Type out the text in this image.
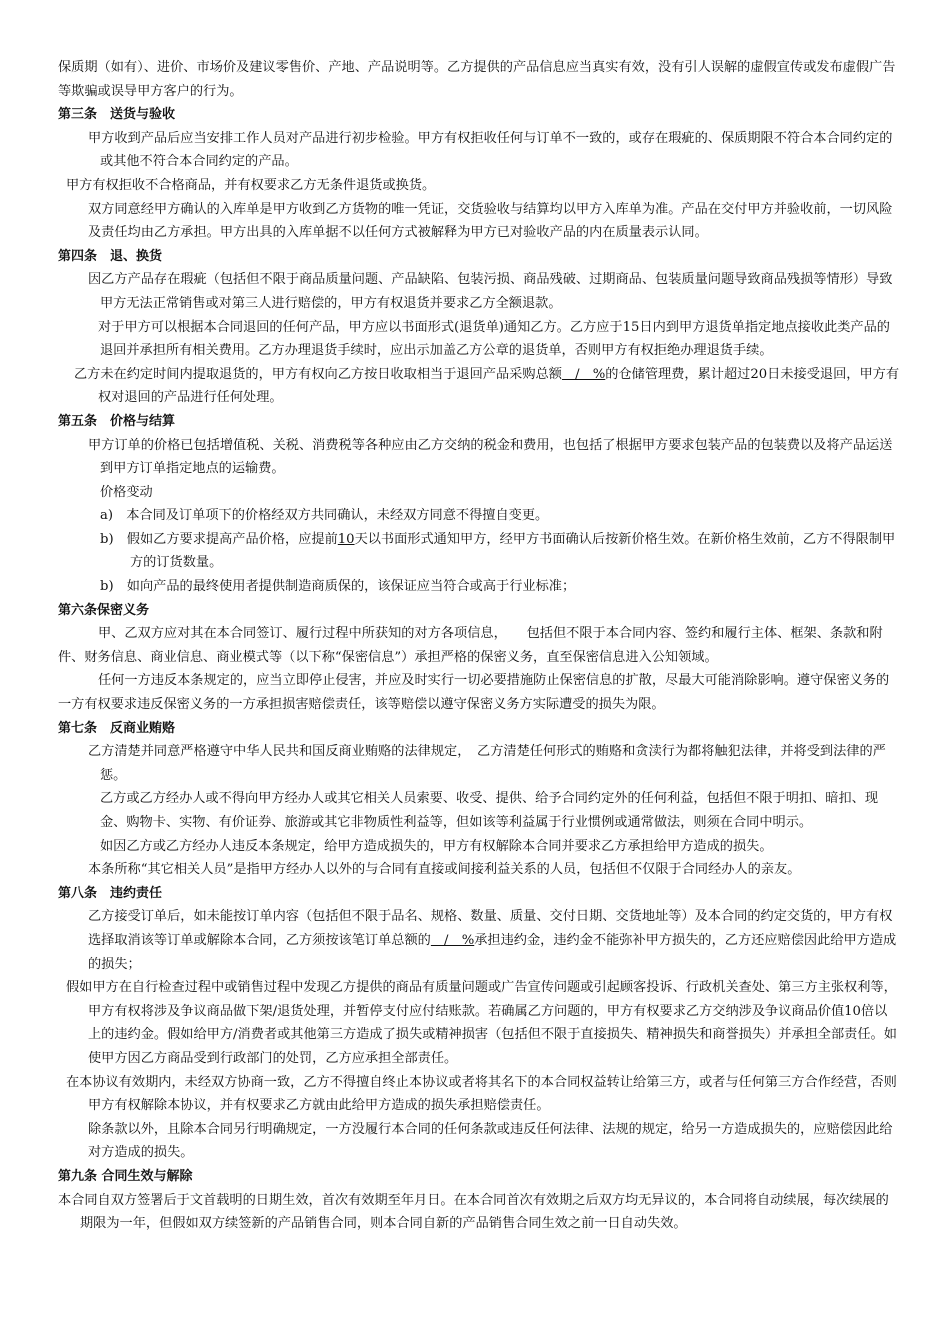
保质期（如有）、进价、市场价及建议零售价、产地、产品说明等。乙方提供的产品信息应当真实有效，没有引人误解的虚假宣传或发布虚假广告等欺骗或误导甲方客户的行为。

第三条　送货与验收

甲方收到产品后应当安排工作人员对产品进行初步检验。甲方有权拒收任何与订单不一致的，或存在瑕疵的、保质期限不符合本合同约定的或其他不符合本合同约定的产品。

甲方有权拒收不合格商品，并有权要求乙方无条件退货或换货。

双方同意经甲方确认的入库单是甲方收到乙方货物的唯一凭证，交货验收与结算均以甲方入库单为准。产品在交付甲方并验收前，一切风险及责任均由乙方承担。甲方出具的入库单据不以任何方式被解释为甲方已对验收产品的内在质量表示认同。

第四条　退、换货

因乙方产品存在瑕疵（包括但不限于商品质量问题、产品缺陷、包装污损、商品残破、过期商品、包装质量问题导致商品残损等情形）导致甲方无法正常销售或对第三人进行赔偿的，甲方有权退货并要求乙方全额退款。

对于甲方可以根据本合同退回的任何产品，甲方应以书面形式(退货单)通知乙方。乙方应于15日内到甲方退货单指定地点接收此类产品的退回并承担所有相关费用。乙方办理退货手续时，应出示加盖乙方公章的退货单，否则甲方有权拒绝办理退货手续。

乙方未在约定时间内提取退货的，甲方有权向乙方按日收取相当于退回产品采购总额　/　%的仓储管理费，累计超过20日未接受退回，甲方有权对退回的产品进行任何处理。

第五条　价格与结算

甲方订单的价格已包括增值税、关税、消费税等各种应由乙方交纳的税金和费用，也包括了根据甲方要求包装产品的包装费以及将产品运送到甲方订单指定地点的运输费。

价格变动

a)　本合同及订单项下的价格经双方共同确认，未经双方同意不得擅自变更。

b)　假如乙方要求提高产品价格，应提前10天以书面形式通知甲方，经甲方书面确认后按新价格生效。在新价格生效前，乙方不得限制甲方的订货数量。

b)　如向产品的最终使用者提供制造商质保的，该保证应当符合或高于行业标准；

第六条保密义务

甲、乙双方应对其在本合同签订、履行过程中所获知的对方各项信息，　　包括但不限于本合同内容、签约和履行主体、框架、条款和附件、财务信息、商业信息、商业模式等（以下称“保密信息”）承担严格的保密义务，直至保密信息进入公知领域。

任何一方违反本条规定的，应当立即停止侵害，并应及时实行一切必要措施防止保密信息的扩散，尽最大可能消除影响。遵守保密义务的一方有权要求违反保密义务的一方承担损害赔偿责任，该等赔偿以遵守保密义务方实际遭受的损失为限。

第七条　反商业贿赂

乙方清楚并同意严格遵守中华人民共和国反商业贿赂的法律规定，　乙方清楚任何形式的贿赂和贪渎行为都将触犯法律，并将受到法律的严惩。

乙方或乙方经办人或不得向甲方经办人或其它相关人员索要、收受、提供、给予合同约定外的任何利益，包括但不限于明扣、暗扣、现金、购物卡、实物、有价证券、旅游或其它非物质性利益等，但如该等利益属于行业惯例或通常做法，则须在合同中明示。

如因乙方或乙方经办人违反本条规定，给甲方造成损失的，甲方有权解除本合同并要求乙方承担给甲方造成的损失。

本条所称“其它相关人员”是指甲方经办人以外的与合同有直接或间接利益关系的人员，包括但不仅限于合同经办人的亲友。

第八条　违约责任

乙方接受订单后，如未能按订单内容（包括但不限于品名、规格、数量、质量、交付日期、交货地址等）及本合同的约定交货的，甲方有权选择取消该等订单或解除本合同，乙方须按该笔订单总额的　/　%承担违约金，违约金不能弥补甲方损失的，乙方还应赔偿因此给甲方造成的损失；

假如甲方在自行检查过程中或销售过程中发现乙方提供的商品有质量问题或广告宣传问题或引起顾客投诉、行政机关查处、第三方主张权利等，甲方有权将涉及争议商品做下架/退货处理，并暂停支付应付结账款。若确属乙方问题的，甲方有权要求乙方交纳涉及争议商品价值10倍以上的违约金。假如给甲方/消费者或其他第三方造成了损失或精神损害（包括但不限于直接损失、精神损失和商誉损失）并承担全部责任。如使甲方因乙方商品受到行政部门的处罚，乙方应承担全部责任。

在本协议有效期内，未经双方协商一致，乙方不得擅自终止本协议或者将其名下的本合同权益转让给第三方，或者与任何第三方合作经营，否则甲方有权解除本协议，并有权要求乙方就由此给甲方造成的损失承担赔偿责任。

除条款以外，且除本合同另行明确规定，一方没履行本合同的任何条款或违反任何法律、法规的规定，给另一方造成损失的，应赔偿因此给对方造成的损失。

第九条 合同生效与解除

本合同自双方签署后于文首载明的日期生效，首次有效期至年月日。在本合同首次有效期之后双方均无异议的，本合同将自动续展，每次续展的期限为一年，但假如双方续签新的产品销售合同，则本合同自新的产品销售合同生效之前一日自动失效。
